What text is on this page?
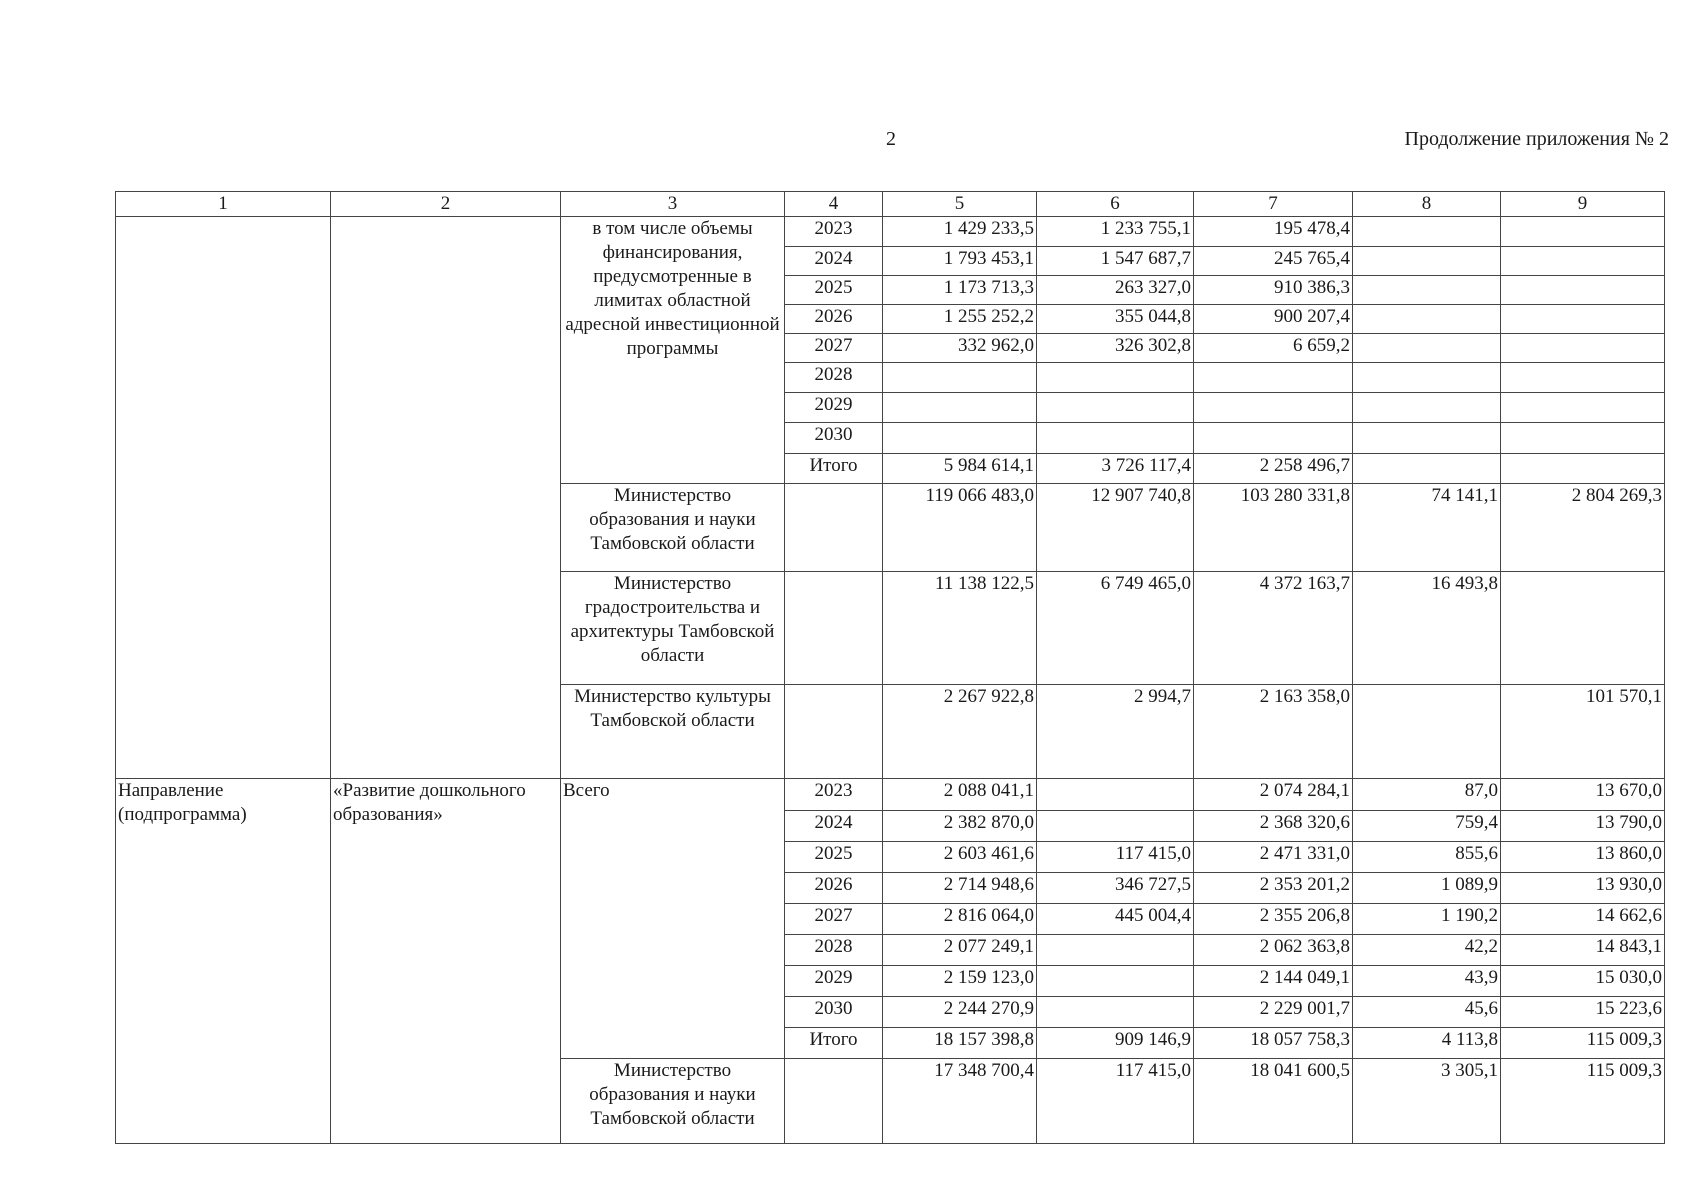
2	Продолжение приложения № 2
1	2	3	4	5	6	7	8	9
		в том числе объемы финансирования, предусмотренные в лимитах областной адресной инвестиционной программы	2023	1 429 233,5	1 233 755,1	195 478,4		
			2024	1 793 453,1	1 547 687,7	245 765,4		
			2025	1 173 713,3	263 327,0	910 386,3		
			2026	1 255 252,2	355 044,8	900 207,4		
			2027	332 962,0	326 302,8	6 659,2		
			2028					
			2029					
			2030					
			Итого	5 984 614,1	3 726 117,4	2 258 496,7		
		Министерство образования и науки Тамбовской области		119 066 483,0	12 907 740,8	103 280 331,8	74 141,1	2 804 269,3
		Министерство градостроительства и архитектуры Тамбовской области		11 138 122,5	6 749 465,0	4 372 163,7	16 493,8	
		Министерство культуры Тамбовской области		2 267 922,8	2 994,7	2 163 358,0		101 570,1
Направление (подпрограмма)	«Развитие дошкольного образования»	Всего	2023	2 088 041,1		2 074 284,1	87,0	13 670,0
			2024	2 382 870,0		2 368 320,6	759,4	13 790,0
			2025	2 603 461,6	117 415,0	2 471 331,0	855,6	13 860,0
			2026	2 714 948,6	346 727,5	2 353 201,2	1 089,9	13 930,0
			2027	2 816 064,0	445 004,4	2 355 206,8	1 190,2	14 662,6
			2028	2 077 249,1		2 062 363,8	42,2	14 843,1
			2029	2 159 123,0		2 144 049,1	43,9	15 030,0
			2030	2 244 270,9		2 229 001,7	45,6	15 223,6
			Итого	18 157 398,8	909 146,9	18 057 758,3	4 113,8	115 009,3
		Министерство образования и науки Тамбовской области		17 348 700,4	117 415,0	18 041 600,5	3 305,1	115 009,3
